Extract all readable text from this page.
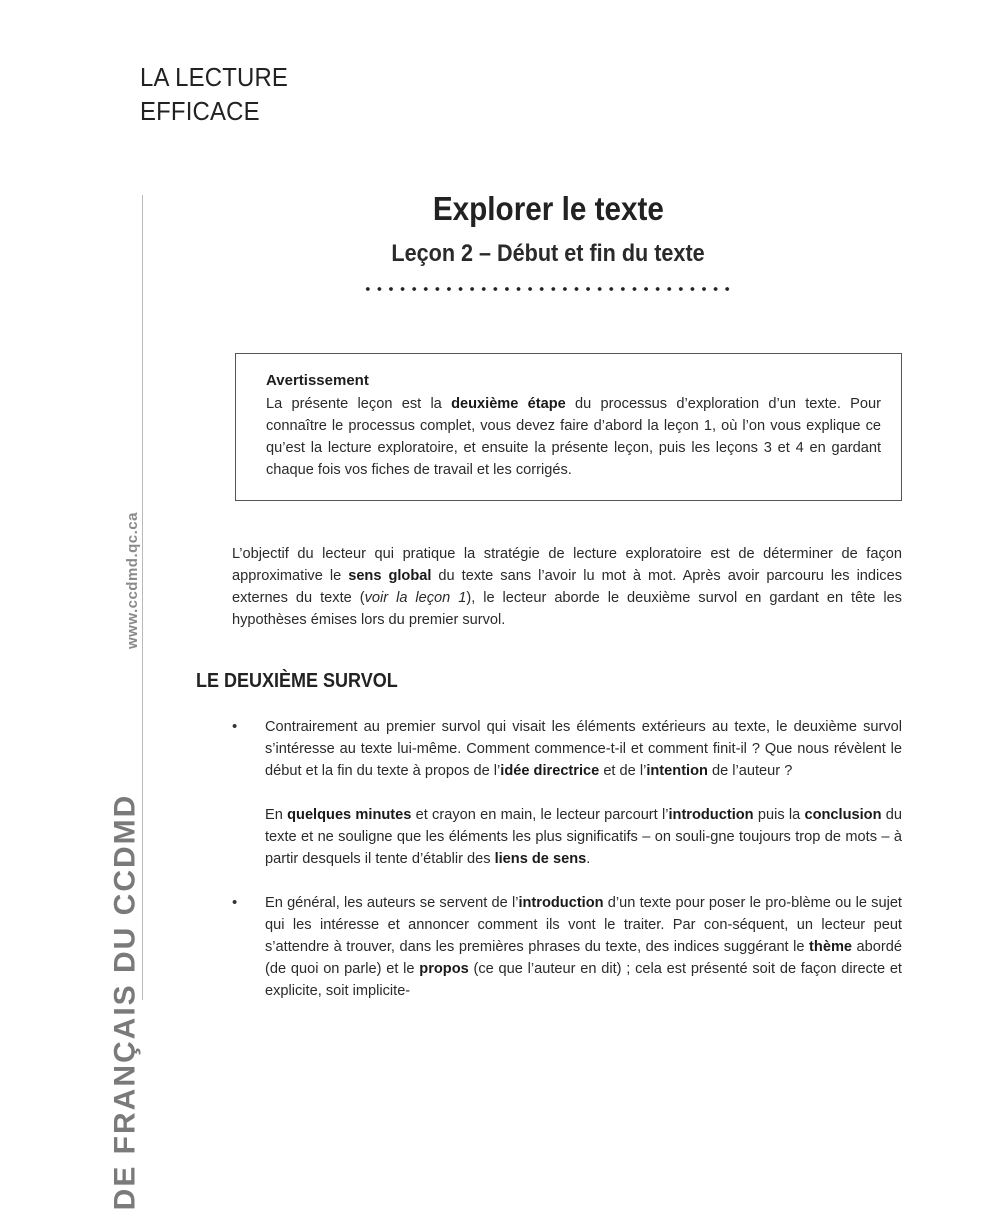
LA LECTURE
EFFICACE
www.ccdmd.qc.ca
DE FRANÇAIS DU CCDMD
Explorer le texte
Leçon 2 – Début et fin du texte
Avertissement
La présente leçon est la deuxième étape du processus d’exploration d’un texte. Pour connaître le processus complet, vous devez faire d’abord la leçon 1, où l’on vous explique ce qu’est la lecture exploratoire, et ensuite la présente leçon, puis les leçons 3 et 4 en gardant chaque fois vos fiches de travail et les corrigés.
L’objectif du lecteur qui pratique la stratégie de lecture exploratoire est de déterminer de façon approximative le sens global du texte sans l’avoir lu mot à mot. Après avoir parcouru les indices externes du texte (voir la leçon 1), le lecteur aborde le deuxième survol en gardant en tête les hypothèses émises lors du premier survol.
LE DEUXIÈME SURVOL
• Contrairement au premier survol qui visait les éléments extérieurs au texte, le deuxième survol s’intéresse au texte lui-même. Comment commence-t-il et comment finit-il ? Que nous révèlent le début et la fin du texte à propos de l’idée directrice et de l’intention de l’auteur ?
En quelques minutes et crayon en main, le lecteur parcourt l’introduction puis la conclusion du texte et ne souligne que les éléments les plus significatifs – on souli-gne toujours trop de mots – à partir desquels il tente d’établir des liens de sens.
• En général, les auteurs se servent de l’introduction d’un texte pour poser le pro-blème ou le sujet qui les intéresse et annoncer comment ils vont le traiter. Par con-séquent, un lecteur peut s’attendre à trouver, dans les premières phrases du texte, des indices suggérant le thème abordé (de quoi on parle) et le propos (ce que l’auteur en dit) ; cela est présenté soit de façon directe et explicite, soit implicite-
